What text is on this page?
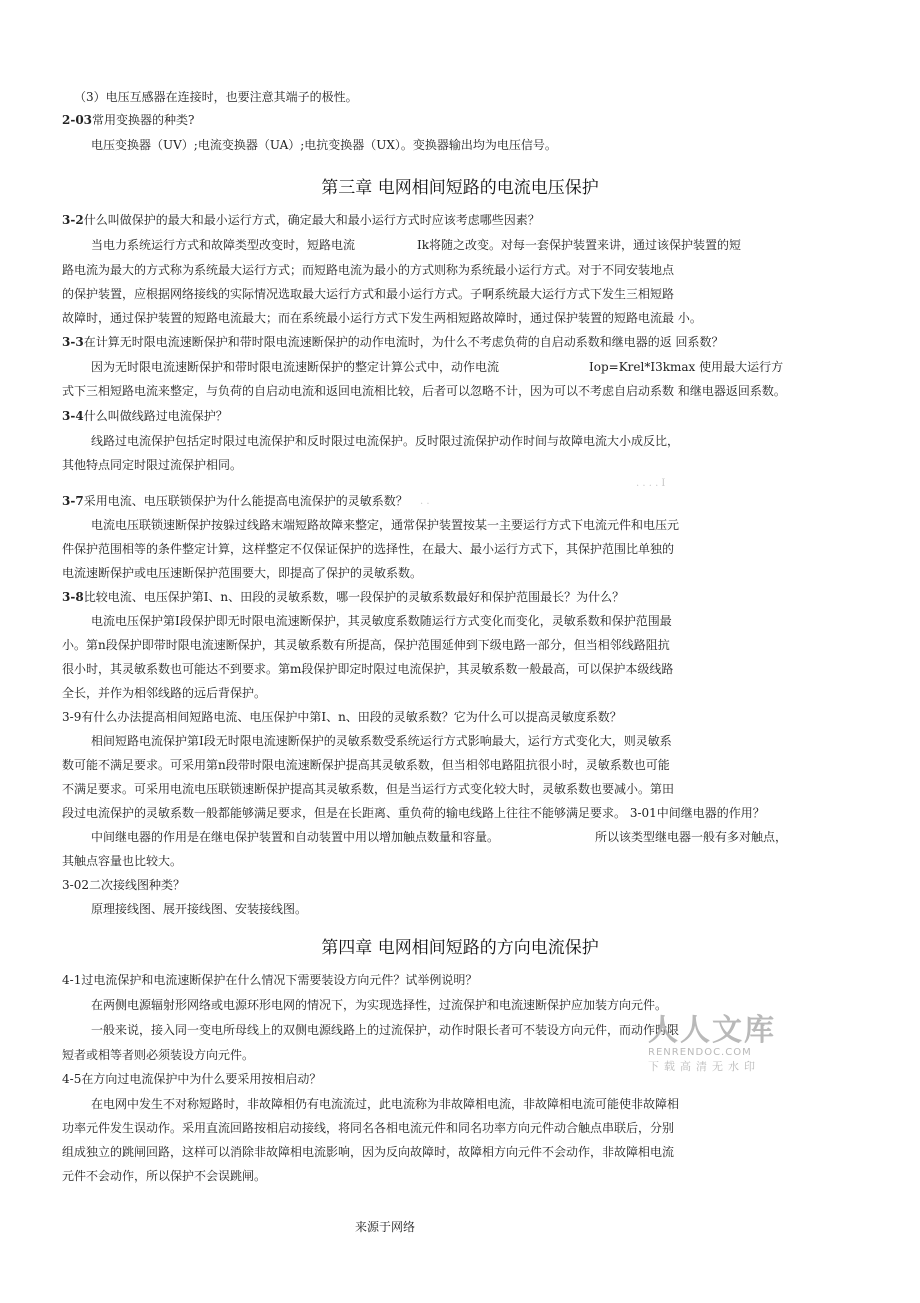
（3）电压互感器在连接时，也要注意其端子的极性。
2-03常用变换器的种类?
电压变换器（UV）;电流变换器（UA）;电抗变换器（UX）。变换器输出均为电压信号。
第三章 电网相间短路的电流电压保护
3-2什么叫做保护的最大和最小运行方式，确定最大和最小运行方式时应该考虑哪些因素？
当电力系统运行方式和故障类型改变时，短路电流	Ik将随之改变。对每一套保护装置来讲，通过该保护装置的短
路电流为最大的方式称为系统最大运行方式；而短路电流为最小的方式则称为系统最小运行方式。对于不同安装地点
的保护装置，应根据网络接线的实际情况选取最大运行方式和最小运行方式。子啊系统最大运行方式下发生三相短路
故障时，通过保护装置的短路电流最大；而在系统最小运行方式下发生两相短路故障时，通过保护装置的短路电流最 小。
3-3在计算无时限电流速断保护和带时限电流速断保护的动作电流时，为什么不考虑负荷的自启动系数和继电器的返 回系数？
因为无时限电流速断保护和带时限电流速断保护的整定计算公式中，动作电流	Iop=Krel*I3kmax 使用最大运行方
式下三相短路电流来整定，与负荷的自启动电流和返回电流相比较，后者可以忽略不计，因为可以不考虑自启动系数 和继电器返回系数。
3-4什么叫做线路过电流保护？
线路过电流保护包括定时限过电流保护和反时限过电流保护。反时限过流保护动作时间与故障电流大小成反比，
其他特点同定时限过流保护相同。
. . . . I
3-7采用电流、电压联锁保护为什么能提高电流保护的灵敏系数？ . .
电流电压联锁速断保护按躲过线路末端短路故障来整定，通常保护装置按某一主要运行方式下电流元件和电压元
件保护范围相等的条件整定计算，这样整定不仅保证保护的选择性，在最大、最小运行方式下，其保护范围比单独的
电流速断保护或电压速断保护范围要大，即提高了保护的灵敏系数。
3-8比较电流、电压保护第I、n、田段的灵敏系数，哪一段保护的灵敏系数最好和保护范围最长？为什么？
电流电压保护第I段保护即无时限电流速断保护，其灵敏度系数随运行方式变化而变化，灵敏系数和保护范围最
小。第n段保护即带时限电流速断保护，其灵敏系数有所提高，保护范围延伸到下级电路一部分，但当相邻线路阻抗
很小时，其灵敏系数也可能达不到要求。第m段保护即定时限过电流保护，其灵敏系数一般最高，可以保护本级线路
全长，并作为相邻线路的远后背保护。
3-9有什么办法提高相间短路电流、电压保护中第I、n、田段的灵敏系数？它为什么可以提高灵敏度系数？
相间短路电流保护第I段无时限电流速断保护的灵敏系数受系统运行方式影响最大，运行方式变化大，则灵敏系
数可能不满足要求。可采用第n段带时限电流速断保护提高其灵敏系数，但当相邻电路阻抗很小时，灵敏系数也可能
不满足要求。可采用电流电压联锁速断保护提高其灵敏系数，但是当运行方式变化较大时，灵敏系数也要减小。第田
段过电流保护的灵敏系数一般都能够满足要求，但是在长距离、重负荷的输电线路上往往不能够满足要求。 3-01中间继电器的作用？
中间继电器的作用是在继电保护装置和自动装置中用以增加触点数量和容量。	所以该类型继电器一般有多对触点，
其触点容量也比较大。
3-02二次接线图种类？
原理接线图、展开接线图、安装接线图。
第四章 电网相间短路的方向电流保护
4-1过电流保护和电流速断保护在什么情况下需要装设方向元件？试举例说明？
在两侧电源辐射形网络或电源环形电网的情况下，为实现选择性，过流保护和电流速断保护应加装方向元件。
一般来说，接入同一变电所母线上的双侧电源线路上的过流保护，动作时限长者可不装设方向元件，而动作时限
短者或相等者则必须装设方向元件。
4-5在方向过电流保护中为什么要采用按相启动？
在电网中发生不对称短路时，非故障相仍有电流流过，此电流称为非故障相电流，非故障相电流可能使非故障相
功率元件发生误动作。采用直流回路按相启动接线，将同名各相电流元件和同名功率方向元件动合触点串联后，分别
组成独立的跳闸回路，这样可以消除非故障相电流影响，因为反向故障时，故障相方向元件不会动作，非故障相电流
元件不会动作，所以保护不会误跳闸。
人人文库
RENRENDOC.COM
下载高清无水印
来源于网络
